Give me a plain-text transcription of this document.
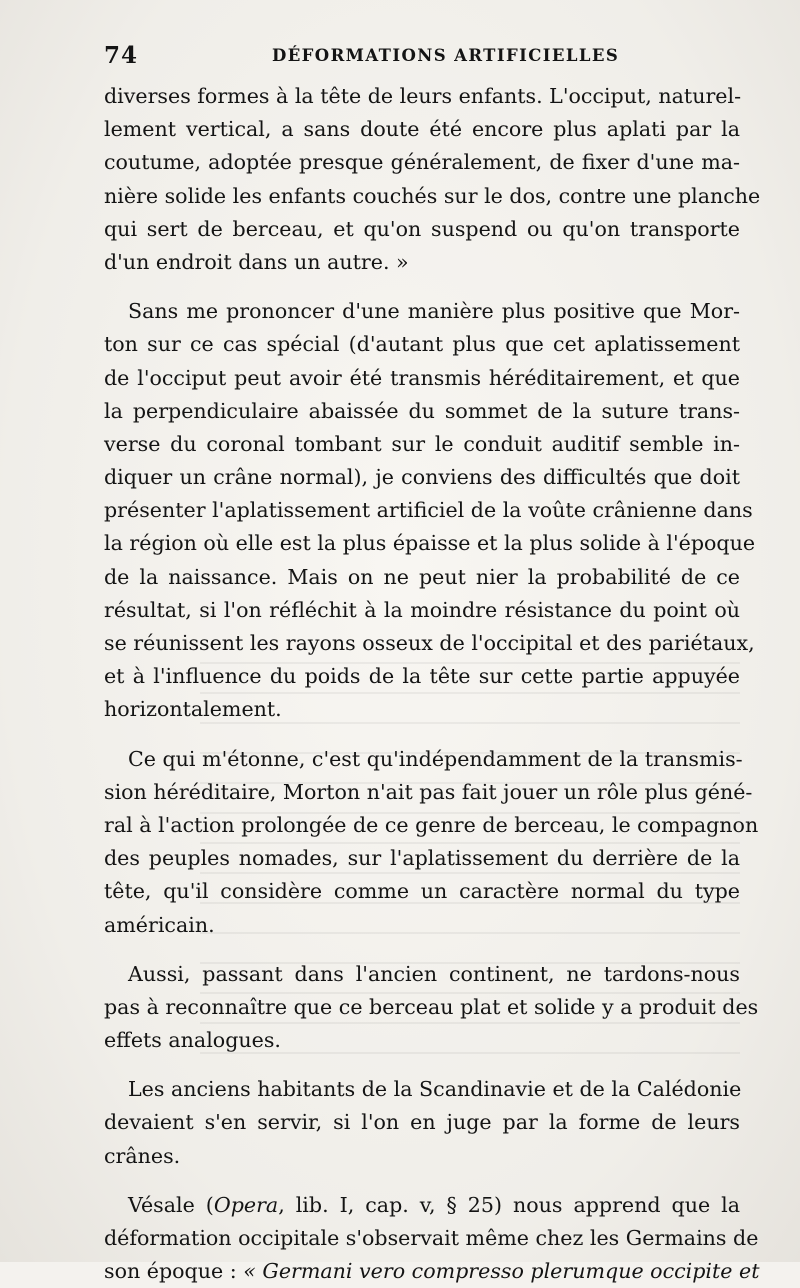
74	DÉFORMATIONS ARTIFICIELLES
diverses formes à la tête de leurs enfants. L'occiput, naturel-
lement vertical, a sans doute été encore plus aplati par la
coutume, adoptée presque généralement, de fixer d'une ma-
nière solide les enfants couchés sur le dos, contre une planche
qui sert de berceau, et qu'on suspend ou qu'on transporte
d'un endroit dans un autre. »
Sans me prononcer d'une manière plus positive que Mor-
ton sur ce cas spécial (d'autant plus que cet aplatissement
de l'occiput peut avoir été transmis héréditairement, et que
la perpendiculaire abaissée du sommet de la suture trans-
verse du coronal tombant sur le conduit auditif semble in-
diquer un crâne normal), je conviens des difficultés que doit
présenter l'aplatissement artificiel de la voûte crânienne dans
la région où elle est la plus épaisse et la plus solide à l'époque
de la naissance. Mais on ne peut nier la probabilité de ce
résultat, si l'on réfléchit à la moindre résistance du point où
se réunissent les rayons osseux de l'occipital et des pariétaux,
et à l'influence du poids de la tête sur cette partie appuyée
horizontalement.
Ce qui m'étonne, c'est qu'indépendamment de la transmis-
sion héréditaire, Morton n'ait pas fait jouer un rôle plus géné-
ral à l'action prolongée de ce genre de berceau, le compagnon
des peuples nomades, sur l'aplatissement du derrière de la
tête, qu'il considère comme un caractère normal du type
américain.
Aussi, passant dans l'ancien continent, ne tardons-nous
pas à reconnaître que ce berceau plat et solide y a produit des
effets analogues.
Les anciens habitants de la Scandinavie et de la Calédonie
devaient s'en servir, si l'on en juge par la forme de leurs
crânes.
Vésale (Opera, lib. I, cap. v, § 25) nous apprend que la
déformation occipitale s'observait même chez les Germains de
son époque : « Germani vero compresso plerumque occipite et
